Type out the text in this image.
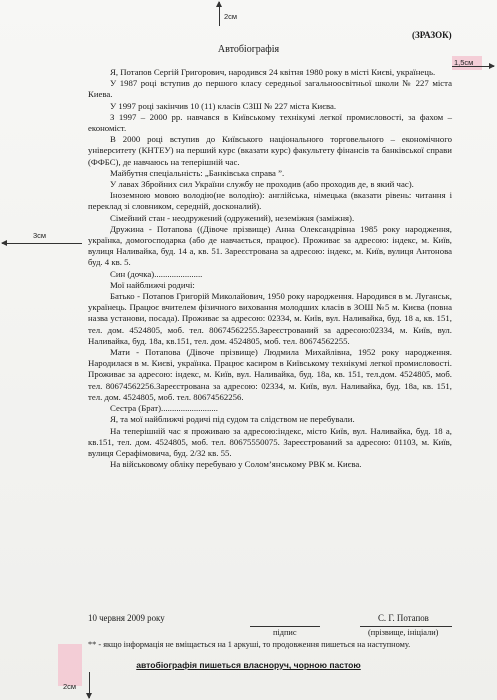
2см
(ЗРАЗОК)
1,5см
3см
2см
Автобіографія

Я, Потапов Сергій Григорович, народився 24 квітня 1980 року в місті Києві, українець.

У 1987 році вступив до першого класу середньої загальноосвітньої школи № 227 міста Киева.

У 1997 році закінчив 10 (11) класів СЗШ № 227 міста Києва.

З 1997 – 2000 рр. навчався в Київському технікумі легкої промисловості, за фахом – економіст.

В 2000 році вступив до Київського національного торговельного – економічного університету (КНТЕУ) на перший курс (вказати курс) факультету фінансів та банківської справи (ФФБС), де навчаюсь на теперішній час.

Майбутня спеціальність: „Банківська справа ”.

У лавах Збройних сил України службу не проходив (або проходив де, в який час).

Іноземною мовою володію(не володію): англійська, німецька (вказати рівень: читання і переклад зі словником, середній, досконалий).

Сімейний стан - неодружений (одружений), неземіжня (заміжня).

Дружина - Потапова ((Дівоче прізвище) Анна Олександрівна 1985 року народження, українка, домогосподарка (або де навчається, працює). Проживає за адресою: індекс, м. Київ, вулиця Наливайка, буд. 14 а, кв. 51. Зареєстрована за адресою: індекс, м. Київ, вулиця Антонова буд. 4 кв. 5.

Син (дочка)......................

Мої найближчі родичі:

Батько - Потапов Григорій Миколайович, 1950 року народження. Народився в м. Луганськ, українець. Працює вчителем фізичного виховання молодших класів в ЗОШ №5 м. Києва (повна назва установи, посада). Проживає за адресою: 02334, м. Київ, вул. Наливайка, буд. 18 а, кв. 151, тел. дом. 4524805, моб. тел. 80674562255.Зареєстрований за адресою:02334, м. Київ, вул. Наливайка, буд. 18а, кв.151, тел. дом. 4524805, моб. тел. 80674562255.

Мати - Потапова (Дівоче прізвище) Людмила Михайлівна, 1952 року народження. Народилася в м. Києві, українка. Працює касиром в Київському технікумі легкої промисловості. Проживає за адресою: індекс, м. Київ, вул. Наливайка, буд. 18а, кв. 151, тел.дом. 4524805, моб. тел. 80674562256.Зареєстрована за адресою: 02334, м. Київ, вул. Наливайка, буд. 18а, кв. 151, тел. дом. 4524805, моб. тел. 80674562256.

Сестра (Брат)..........................

Я, та мої найближчі родичі під судом та слідством не перебували.

На теперішній час я проживаю за адресою:індекс, місто Київ, вул. Наливайка, буд. 18 а, кв.151, тел. дом. 4524805, моб. тел. 80675550075. Зареєстрований за адресою: 01103, м. Київ, вулиця Серафімовича, буд. 2/32 кв. 55.

На військовому обліку перебуваю у Солом’янському РВК м. Києва.

10 червня 2009 року	С. Г. Потапов
підпис	(прізвище, ініціали)
** - якщо інформація не вміщається на 1 аркуші, то продовження пишеться на наступному.
автобіографія пишеться власноруч, чорною пастою
